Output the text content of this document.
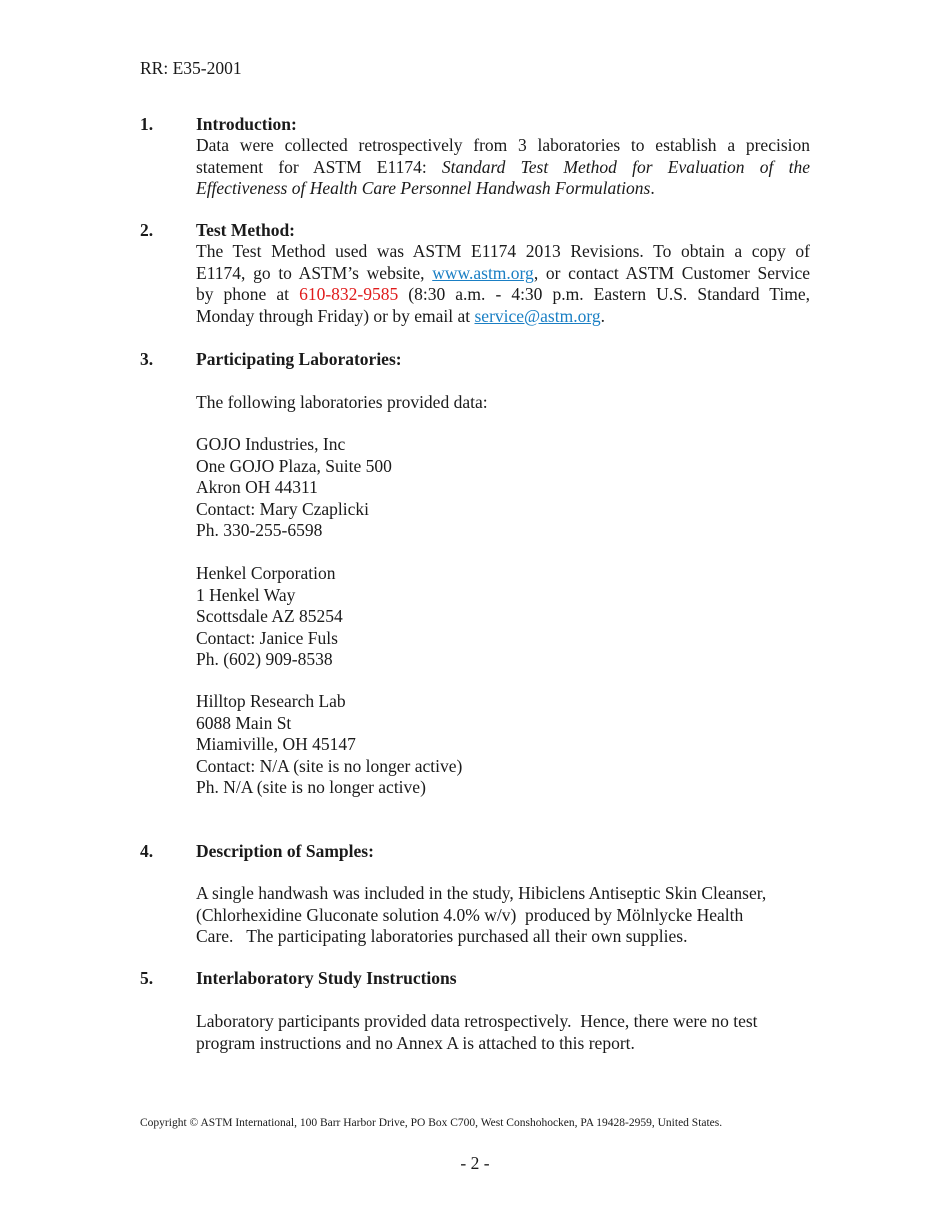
RR: E35-2001
1. Introduction:
Data were collected retrospectively from 3 laboratories to establish a precision
statement for ASTM E1174: Standard Test Method for Evaluation of the
Effectiveness of Health Care Personnel Handwash Formulations.
2. Test Method:
The Test Method used was ASTM E1174 2013 Revisions. To obtain a copy of
E1174, go to ASTM’s website, www.astm.org, or contact ASTM Customer Service
by phone at 610-832-9585 (8:30 a.m. - 4:30 p.m. Eastern U.S. Standard Time,
Monday through Friday) or by email at service@astm.org.
3. Participating Laboratories:
The following laboratories provided data:
GOJO Industries, Inc
One GOJO Plaza, Suite 500
Akron OH 44311
Contact: Mary Czaplicki
Ph. 330-255-6598
Henkel Corporation
1 Henkel Way
Scottsdale AZ 85254
Contact: Janice Fuls
Ph. (602) 909-8538
Hilltop Research Lab
6088 Main St
Miamiville, OH 45147
Contact: N/A (site is no longer active)
Ph. N/A (site is no longer active)
4. Description of Samples:
A single handwash was included in the study, Hibiclens Antiseptic Skin Cleanser,
(Chlorhexidine Gluconate solution 4.0% w/v)  produced by Mölnlycke Health
Care.   The participating laboratories purchased all their own supplies.
5. Interlaboratory Study Instructions
Laboratory participants provided data retrospectively.  Hence, there were no test
program instructions and no Annex A is attached to this report.
Copyright © ASTM International, 100 Barr Harbor Drive, PO Box C700, West Conshohocken, PA 19428-2959, United States.
- 2 -
